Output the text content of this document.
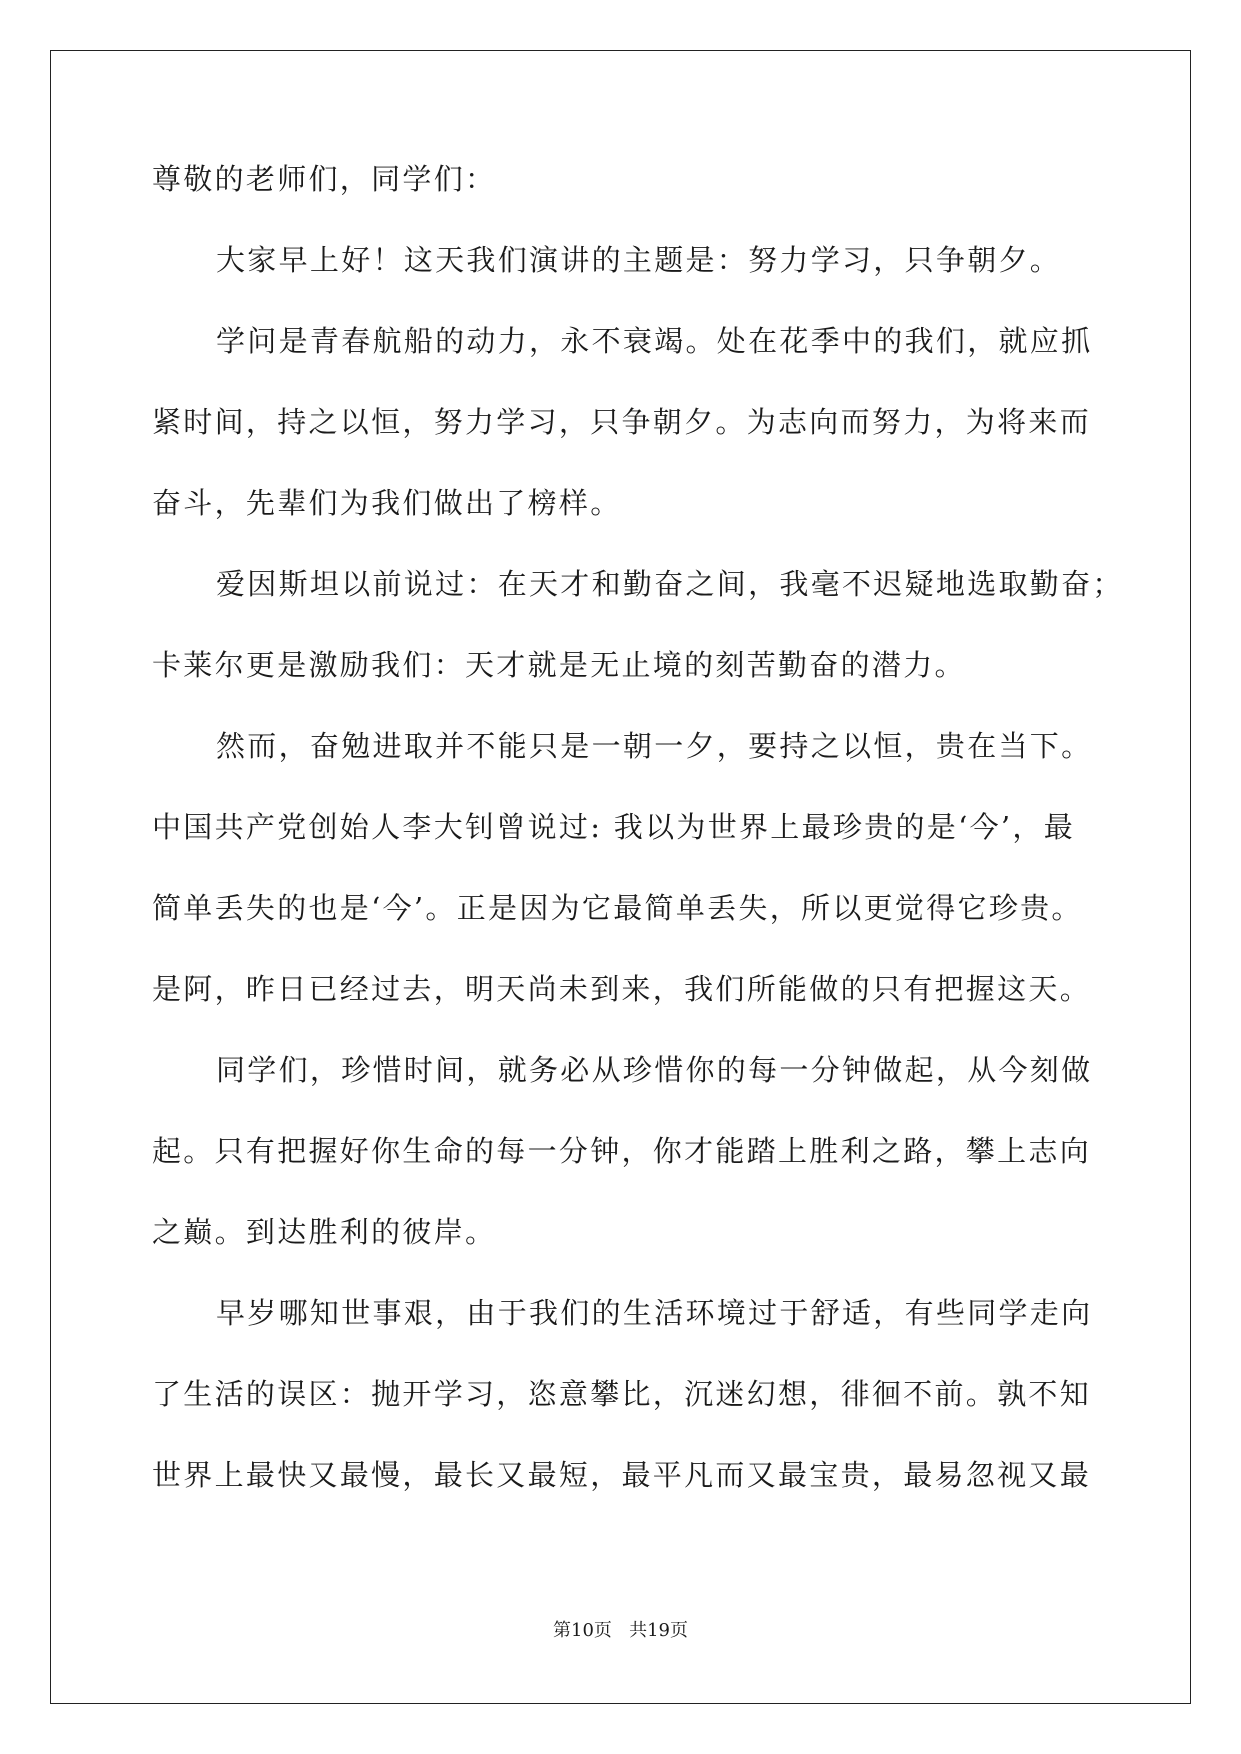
尊敬的老师们，同学们：
大家早上好！这天我们演讲的主题是：努力学习，只争朝夕。
学问是青春航船的动力，永不衰竭。处在花季中的我们，就应抓
紧时间，持之以恒，努力学习，只争朝夕。为志向而努力，为将来而
奋斗，先辈们为我们做出了榜样。
爱因斯坦以前说过：在天才和勤奋之间，我毫不迟疑地选取勤奋；
卡莱尔更是激励我们：天才就是无止境的刻苦勤奋的潜力。
然而，奋勉进取并不能只是一朝一夕，要持之以恒，贵在当下。
中国共产党创始人李大钊曾说过: 我以为世界上最珍贵的是‘今’，最
简单丢失的也是‘今’。正是因为它最简单丢失，所以更觉得它珍贵。
是阿，昨日已经过去，明天尚未到来，我们所能做的只有把握这天。
同学们，珍惜时间，就务必从珍惜你的每一分钟做起，从今刻做
起。只有把握好你生命的每一分钟，你才能踏上胜利之路，攀上志向
之巅。到达胜利的彼岸。
早岁哪知世事艰，由于我们的生活环境过于舒适，有些同学走向
了生活的误区：抛开学习，恣意攀比，沉迷幻想，徘徊不前。孰不知
世界上最快又最慢，最长又最短，最平凡而又最宝贵，最易忽视又最
第10页   共19页
